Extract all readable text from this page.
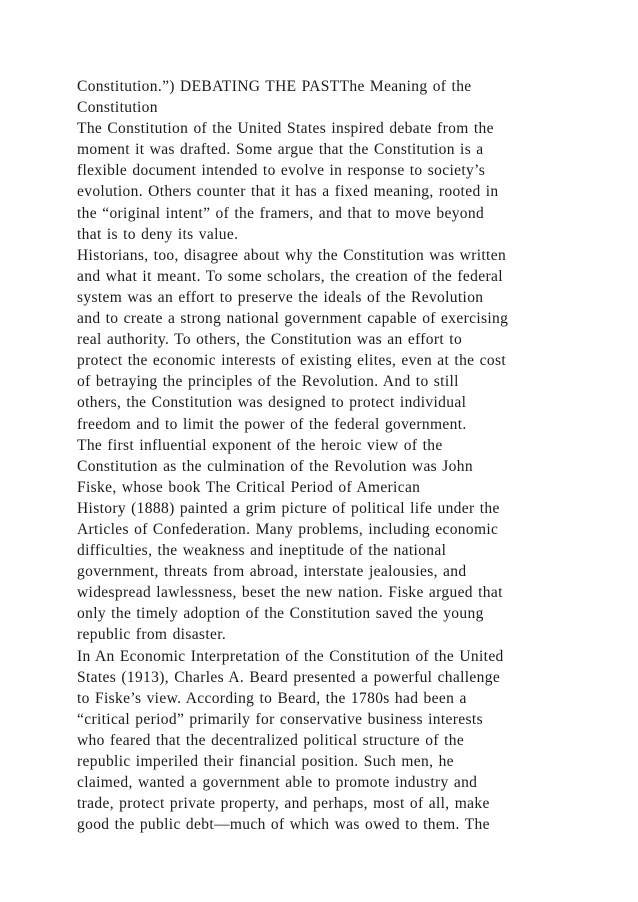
Constitution.”) DEBATING THE PASTThe Meaning of the
Constitution
The Constitution of the United States inspired debate from the
moment it was drafted. Some argue that the Constitution is a
flexible document intended to evolve in response to society’s
evolution. Others counter that it has a fixed meaning, rooted in
the “original intent” of the framers, and that to move beyond
that is to deny its value.
Historians, too, disagree about why the Constitution was written
and what it meant. To some scholars, the creation of the federal
system was an effort to preserve the ideals of the Revolution
and to create a strong national government capable of exercising
real authority. To others, the Constitution was an effort to
protect the economic interests of existing elites, even at the cost
of betraying the principles of the Revolution. And to still
others, the Constitution was designed to protect individual
freedom and to limit the power of the federal government.
The first influential exponent of the heroic view of the
Constitution as the culmination of the Revolution was John
Fiske, whose book The Critical Period of American
History (1888) painted a grim picture of political life under the
Articles of Confederation. Many problems, including economic
difficulties, the weakness and ineptitude of the national
government, threats from abroad, interstate jealousies, and
widespread lawlessness, beset the new nation. Fiske argued that
only the timely adoption of the Constitution saved the young
republic from disaster.
In An Economic Interpretation of the Constitution of the United
States (1913), Charles A. Beard presented a powerful challenge
to Fiske’s view. According to Beard, the 1780s had been a
“critical period” primarily for conservative business interests
who feared that the decentralized political structure of the
republic imperiled their financial position. Such men, he
claimed, wanted a government able to promote industry and
trade, protect private property, and perhaps, most of all, make
good the public debt—much of which was owed to them. The
